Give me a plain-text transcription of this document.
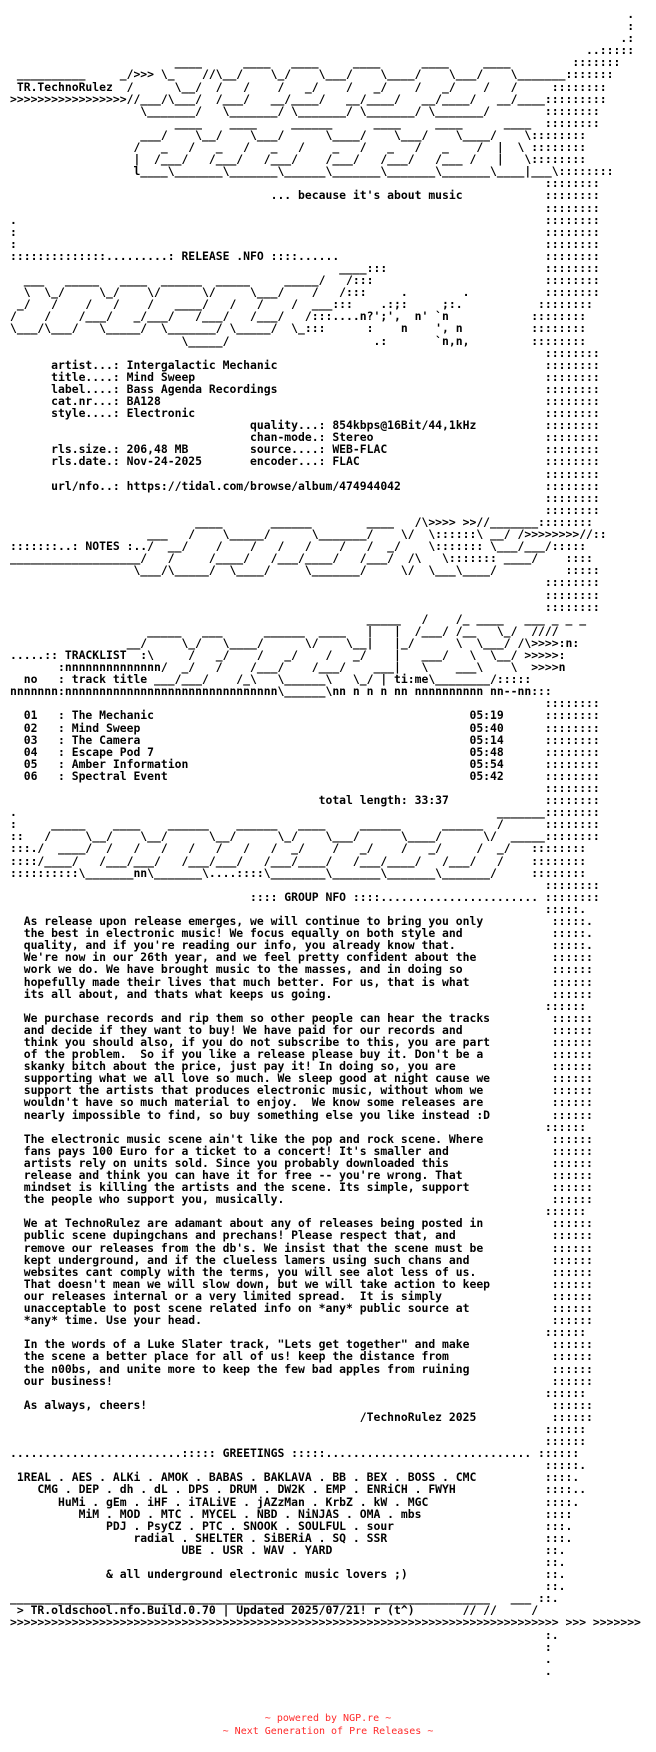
.
:
.:
..:::::
____      ____   ____     ____      ____     ____         :::::::
__________     _/>>> \_    //\__/    \_/    \___/    \____/    \___/    \_______:::::::
TR.TechnoRulez  /      \__/  /   /    /   _/    /   _/    /   _/    /   /     ::::::::
>>>>>>>>>>>>>>>>>//___/\___/  /___/   __/____/   __/____/   __/____/   __/____:::::::::
\_______/   \_______/ \_______/ \_______/ \_______/        ::::::::
____    ____     ______      ____     ____      ____  ::::::::
___/    \__/    \___/      \____/    \___/    \____/    \::::::::
/   _   /   _   /   _   /    _   /   _   /   _    /  |  \ ::::::::
|  /___/   /___/   /___/    /___/   /___/   /___ /   |   \::::::::
l____\_______\_______\______\_______\_______\_______\____|___\::::::::
::::::::
... because it's about music            ::::::::
::::::::
.                                                                             ::::::::
:                                                                             ::::::::
:                                                                             ::::::::
::::::::::::::.........: RELEASE .NFO ::::......                              ::::::::
____:::                       ::::::::
___   _____   ____  ______  _____     _____/   /:::                         ::::::::
\  \_/     \_/    \/      \/     \___/    /   /:::     .        .           ::::::::
_/   /    /   /    /   ____/   /   /    /  ___:::    .:;:     ;:.           ::::::::
/    /    /___/   _/___/   /___/   /___/   /:::....n?';',  n' `n            ::::::::
\___/\___/   \_____/  \_______/ \_____/  \_:::      :    n    ', n          ::::::::
\_____/                     .:       `n,n,         ::::::::
::::::::
artist...: Intergalactic Mechanic                                       ::::::::
title....: Mind Sweep                                                   ::::::::
label....: Bass Agenda Recordings                                       ::::::::
cat.nr...: BA128                                                        ::::::::
style....: Electronic                                                   ::::::::
quality...: 854kbps@16Bit/44,1kHz          ::::::::
chan-mode.: Stereo                         ::::::::
rls.size.: 206,48 MB         source....: WEB-FLAC                       ::::::::
rls.date.: Nov-24-2025       encoder...: FLAC                           ::::::::
::::::::
url/nfo..: https://tidal.com/browse/album/474944042                     ::::::::
::::::::
::::::::
____       ______        ____   /\>>>> >>//_______::::::::
___   /    \_____/      \_______/    \/  \::::::\ __/ />>>>>>>>//::
:::::::..: NOTES :../  __/    /    /   /   /    /   /  _/    \::::::: \___/___/:::::
___________________/   /     /____/   /___/____/   /___/  /\   \::::::: ____/    ::::
\___/\_____/  \____/     \_______/     \/  \___\____/          :::::
::::::::
::::::::
::::::::
_____   /    /_ ____   ___ _ _ _
_____   ___      ______  ____   |   |  /___/ /__   \_/  ////
__/     \_/   \____/      \/    \__|   |_/      \  \___/ /\>>>>:n:
.....:: TRACKLIST  :\     /   _/    /   _/    /   _/    |   ___/   \  \__/ >>>>>:
:nnnnnnnnnnnnnn/  _/   /    /___/    /___/    ___|   \    ___\    \  >>>>n
no   : track title ___/___/    /_\   \______\   \_/ | ti:me\________/:::::
nnnnnnn:nnnnnnnnnnnnnnnnnnnnnnnnnnnnnnn\______\nn n n n nn nnnnnnnnnn nn--nn:::
::::::::
01   : The Mechanic                                              05:19      ::::::::
02   : Mind Sweep                                                05:40      ::::::::
03   : The Camera                                                05:14      ::::::::
04   : Escape Pod 7                                              05:48      ::::::::
05   : Amber Information                                         05:54      ::::::::
06   : Spectral Event                                            05:42      ::::::::
::::::::
total length: 33:37              ::::::::
.                                                                      _______::::::::
:     _____    ____    ______    ______   ____     ______      ______  /      ::::::::
::   /     \__/    \__/      \__/      \_/    \___/      \____/      \/  _____::::::::
:::./  ____/  /   /   /   /   /   /   /  _/    /   _/    /   _/     /  _/   ::::::::
::::/____/   /___/___/   /___/___/   /___/____/   /___/____/   /___/   /    ::::::::
::::::::::\_______nn\_______\....::::\________\_______\_______\_______/     ::::::::
::::::::
:::: GROUP NFO ::::....................... ::::::::
:::::.
As release upon release emerges, we will continue to bring you only          :::::.
the best in electronic music! We focus equally on both style and             :::::.
quality, and if you're reading our info, you already know that.              :::::.
We're now in our 26th year, and we feel pretty confident about the           ::::::
work we do. We have brought music to the masses, and in doing so             ::::::
hopefully made their lives that much better. For us, that is what            ::::::
its all about, and thats what keeps us going.                                ::::::
::::::
We purchase records and rip them so other people can hear the tracks         ::::::
and decide if they want to buy! We have paid for our records and             ::::::
think you should also, if you do not subscribe to this, you are part         ::::::
of the problem.  So if you like a release please buy it. Don't be a          ::::::
skanky bitch about the price, just pay it! In doing so, you are              ::::::
supporting what we all love so much. We sleep good at night cause we         ::::::
support the artists that produces electronic music, without whom we          ::::::
wouldn't have so much material to enjoy.  We know some releases are          ::::::
nearly impossible to find, so buy something else you like instead :D         ::::::
::::::
The electronic music scene ain't like the pop and rock scene. Where          ::::::
fans pays 100 Euro for a ticket to a concert! It's smaller and               ::::::
artists rely on units sold. Since you probably downloaded this               ::::::
release and think you can have it for free -- you're wrong. That             ::::::
mindset is killing the artists and the scene. Its simple, support            ::::::
the people who support you, musically.                                       ::::::
::::::
We at TechnoRulez are adamant about any of releases being posted in          ::::::
public scene dupingchans and prechans! Please respect that, and              ::::::
remove our releases from the db's. We insist that the scene must be          ::::::
kept underground, and if the clueless lamers using such chans and            ::::::
websites cant comply with the terms, you will see alot less of us.           ::::::
That doesn't mean we will slow down, but we will take action to keep         ::::::
our releases internal or a very limited spread.  It is simply                ::::::
unacceptable to post scene related info on *any* public source at            ::::::
*any* time. Use your head.                                                   ::::::
::::::
In the words of a Luke Slater track, "Lets get together" and make            ::::::
the scene a better place for all of us! keep the distance from               ::::::
the n00bs, and unite more to keep the few bad apples from ruining            ::::::
our business!                                                                ::::::
::::::
As always, cheers!                                                           ::::::
/TechnoRulez 2025           ::::::
::::::
::::::
.........................::::: GREETINGS :::::.............................. ::::::
:::::.
1REAL . AES . ALKi . AMOK . BABAS . BAKLAVA . BB . BEX . BOSS . CMC          ::::.
CMG . DEP . dh . dL . DPS . DRUM . DW2K . EMP . ENRiCH . FWYH             ::::..
HuMi . gEm . iHF . iTALiVE . jAZzMan . KrbZ . kW . MGC                 ::::.
MiM . MOD . MTC . MYCEL . NBD . NiNJAS . OMA . mbs                  ::::
PDJ . PsyCZ . PTC . SNOOK . SOULFUL . sour                      :::.
radial . SHELTER . SiBERiA . SQ . SSR                       :::.
UBE . USR . WAV . YARD                               ::.
::.
& all underground electronic music lovers ;)                    ::.
::.
______________________________________________________________________   ___ ::.
> TR.oldschool.nfo.Build.0.70 | Updated 2025/07/21! r (t^)       // //     /
>>>>>>>>>>>>>>>>>>>>>>>>>>>>>>>>>>>>>>>>>>>>>>>>>>>>>>>>>>>>>>>>>>>>>>>>>>>>>>>> >>> >>>>>>>
:.
:
.
.
~ powered by NGP.re ~
~ Next Generation of Pre Releases ~
